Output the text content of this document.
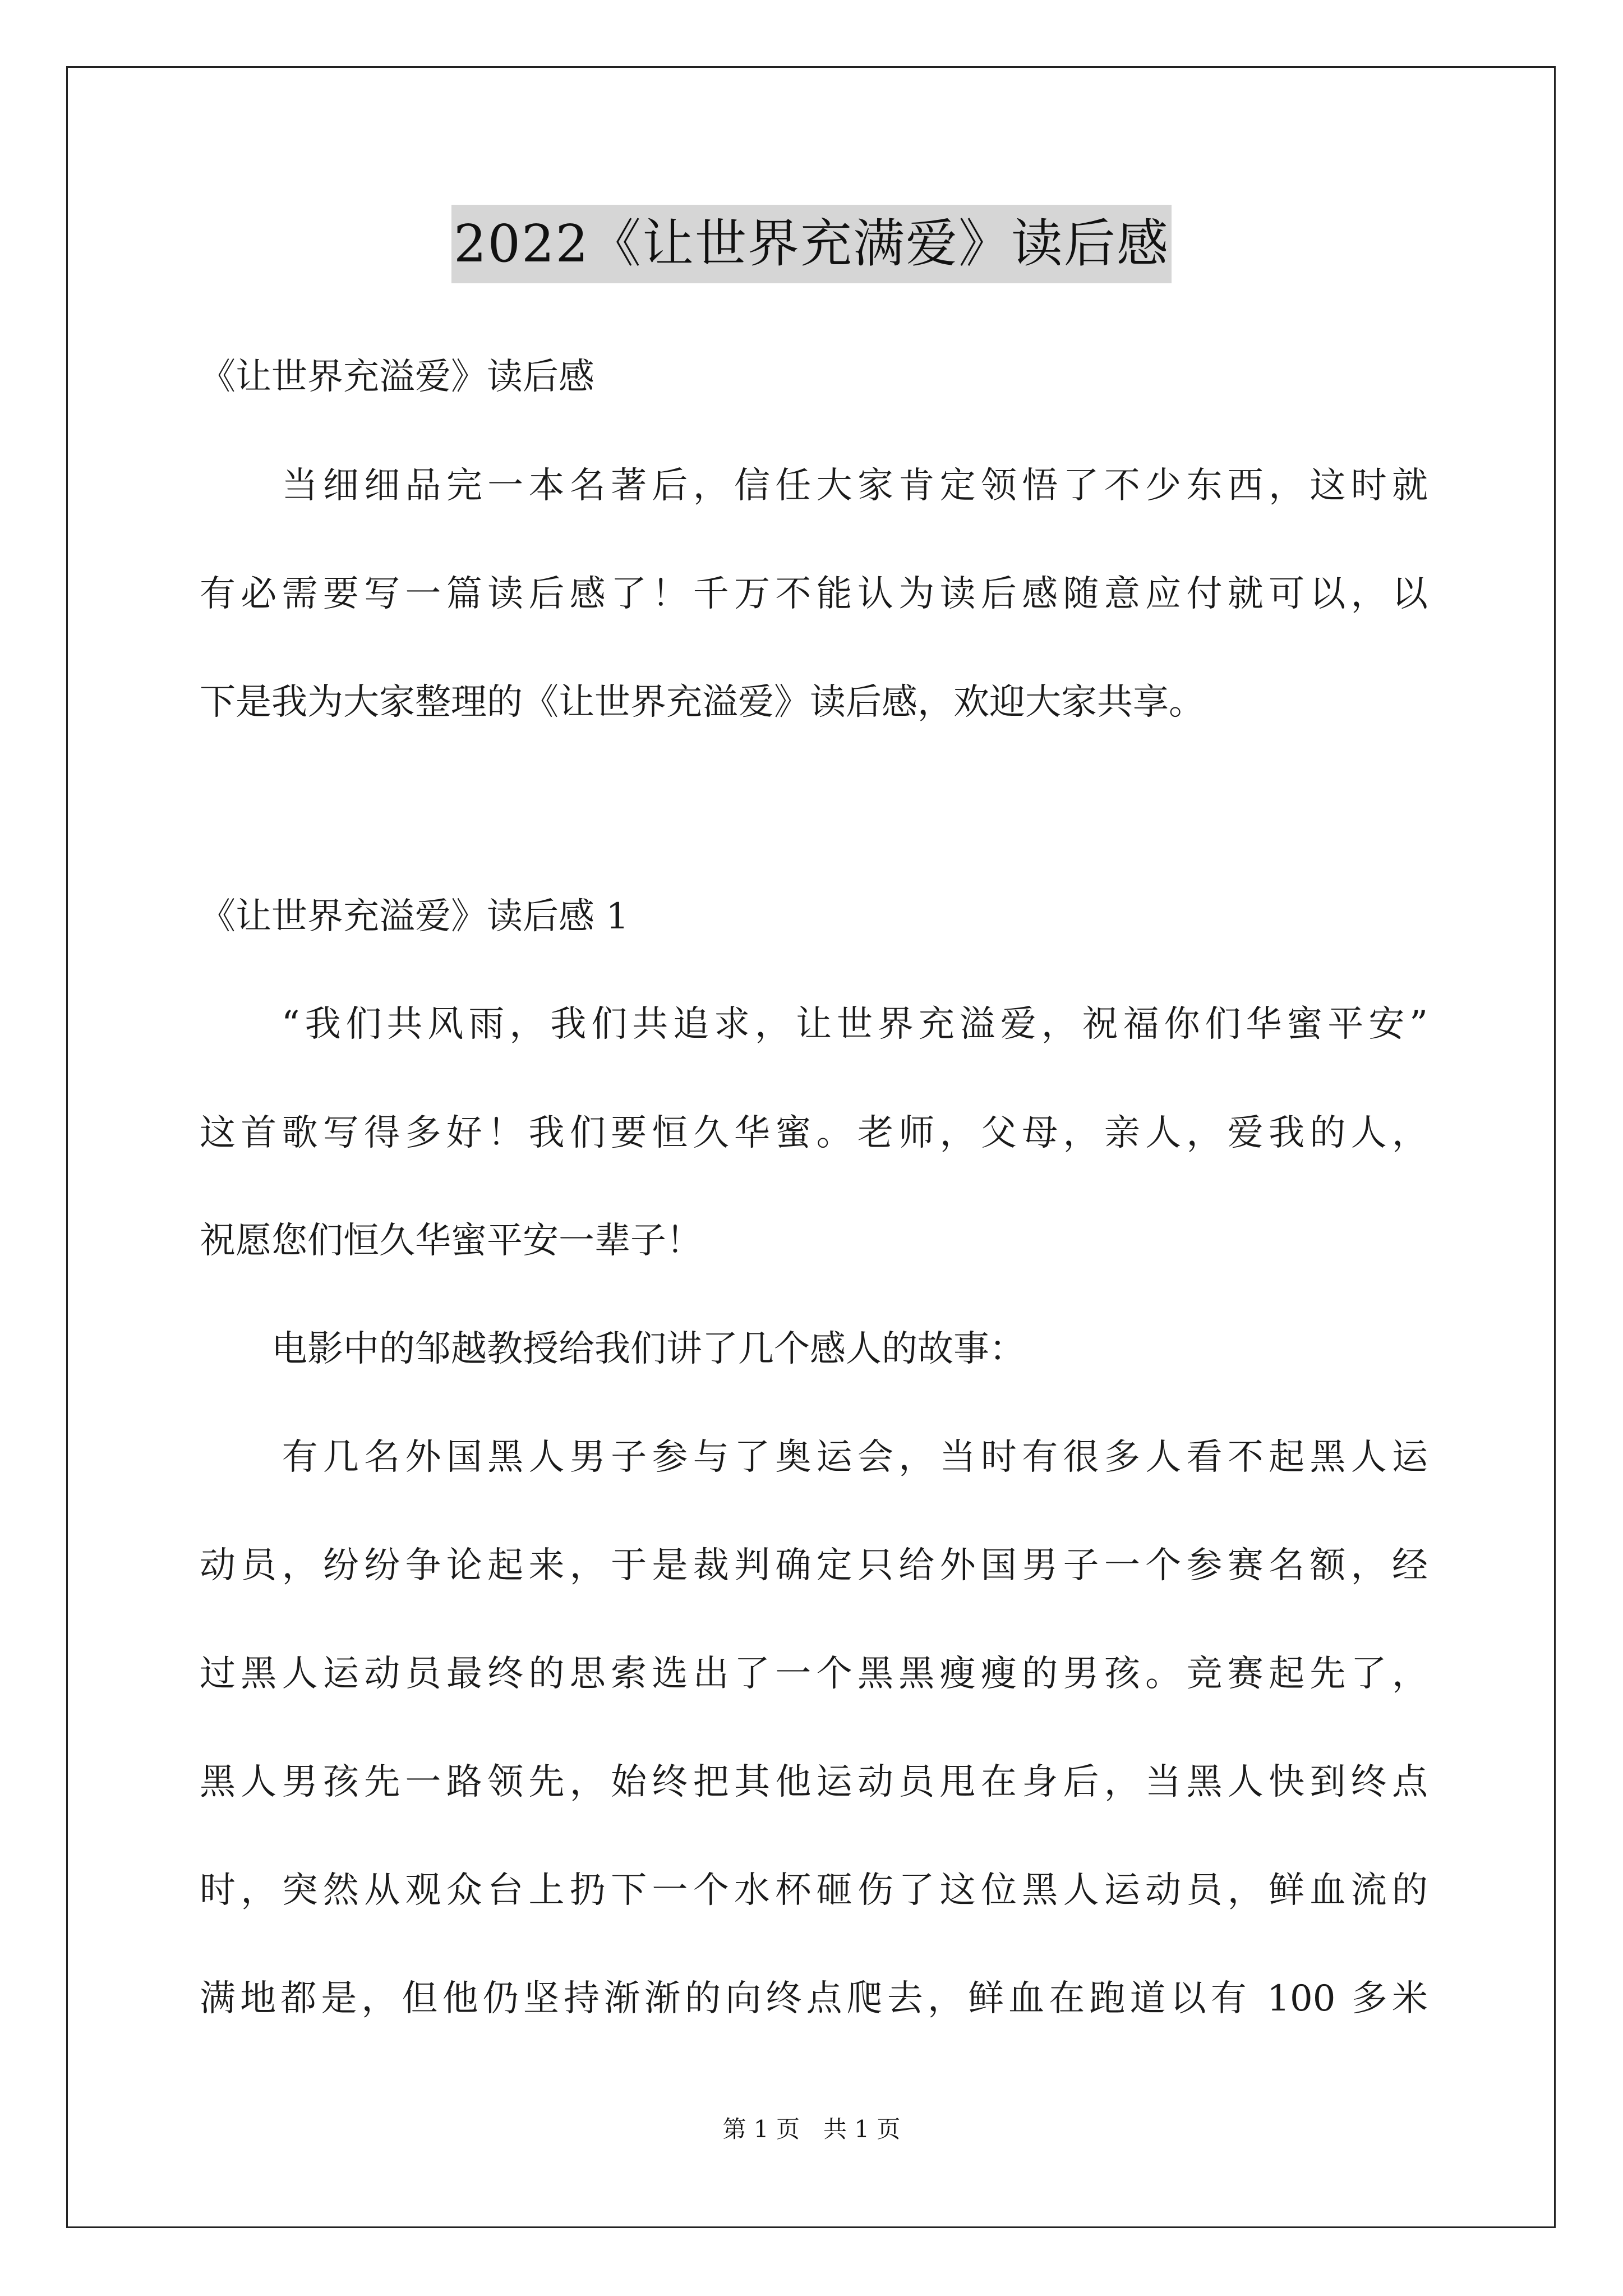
2022《让世界充满爱》读后感
《让世界充溢爱》读后感
　　当细细品完一本名著后，信任大家肯定领悟了不少东西，这时就
有必需要写一篇读后感了！千万不能认为读后感随意应付就可以，以
下是我为大家整理的《让世界充溢爱》读后感，欢迎大家共享。
《让世界充溢爱》读后感 1
　　“我们共风雨，我们共追求，让世界充溢爱，祝福你们华蜜平安”
这首歌写得多好！我们要恒久华蜜。老师，父母，亲人，爱我的人，
祝愿您们恒久华蜜平安一辈子！
　　电影中的邹越教授给我们讲了几个感人的故事：
　　有几名外国黑人男子参与了奥运会，当时有很多人看不起黑人运
动员，纷纷争论起来，于是裁判确定只给外国男子一个参赛名额，经
过黑人运动员最终的思索选出了一个黑黑瘦瘦的男孩。竞赛起先了，
黑人男孩先一路领先，始终把其他运动员甩在身后，当黑人快到终点
时，突然从观众台上扔下一个水杯砸伤了这位黑人运动员，鲜血流的
满地都是，但他仍坚持渐渐的向终点爬去，鲜血在跑道以有 100 多米
第 1 页　共 1 页
